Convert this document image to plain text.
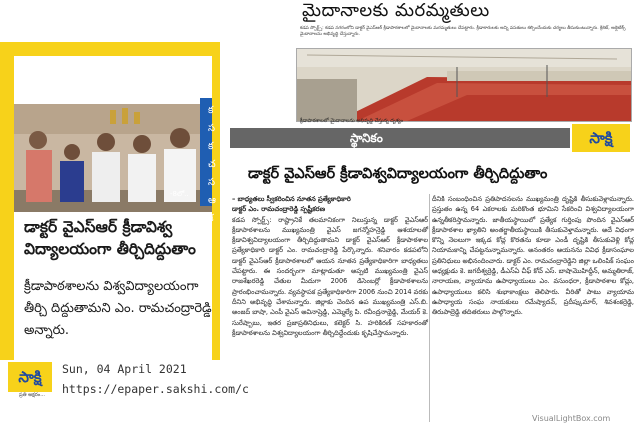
మైదానాలకు మరమ్మతులు
కడప స్పోర్ట్స్: కడప నగరంలోని డాక్టర్ వైఎస్ఆర్ క్రీడాపాఠశాలలో మైదానాలకు మరమ్మతులు చేపట్టారు. క్రీడాకారులకు అన్ని వసతులు కల్పించేందుకు చర్యలు తీసుకుంటున్నారు. క్రికెట్, అథ్లెటిక్స్ మైదానాలను అభివృద్ధి చేస్తున్నారు.
క్రీడాపాఠశాలలో మైదానాలను అభివృద్ధి చేస్తున్న దృశ్యం
-8లో..
డాక్టర్ వైఎస్ఆర్ క్రీడావిశ్వ విద్యాలయంగా తీర్చిదిద్దుతాం
క్రీడాపాఠశాలను విశ్వవిద్యాలయంగా తీర్చి దిద్దుతామని ఎం. రామచంద్రారెడ్డి అన్నారు.
క
స
క
చ
స
ఆ
శ
సాక్షి
ప్రతి అక్షరం...
Sun, 04 April 2021
https://epaper.sakshi.com/c
స్థానికం	సాక్షి
డాక్టర్ వైఎస్ఆర్ క్రీడావిశ్వవిద్యాలయంగా తీర్చిదిద్దుతాం

– బాధ్యతలు స్వీకరించిన నూతన ప్రత్యేకాధికారి

డాక్టర్ ఎం. రామచంద్రారెడ్డి స్పష్టీకరణ

కడప స్పోర్ట్స్: రాష్ట్రానికే తలమానికంగా నిలుస్తున్న డాక్టర్ వైఎస్ఆర్ క్రీడాపాఠశాలను ముఖ్యమంత్రి వైఎస్ జగన్మోహన్రెడ్డి ఆశయాలతో క్రీడావిశ్వవిద్యాలయంగా తీర్చిదిద్దుతామని డాక్టర్ వైఎస్ఆర్ క్రీడాపాఠశాల ప్రత్యేకాధికారి డాక్టర్ ఎం. రామచంద్రారెడ్డి పేర్కొన్నారు. శనివారం కడపలోని డాక్టర్ వైఎస్ఆర్ క్రీడాపాఠశాలలో ఆయన నూతన ప్రత్యేకాధికారిగా బాధ్యతలు చేపట్టారు. ఈ సందర్భంగా మాట్లాడుతూ అప్పటి ముఖ్యమంత్రి వైఎస్ రాజశేఖరరెడ్డి చేతుల మీదుగా 2006 డిసెంబర్లో క్రీడాపాఠశాలను ప్రారంభించామన్నారు. వ్యవస్థాపక ప్రత్యేకాధికారిగా 2006 నుంచి 2014 వరకు దీనిని అభివృద్ధి చేశామన్నారు. జిల్లాకు చెందిన ఉప ముఖ్యమంత్రి ఎస్.బి. అంజద్ బాషా, ఎంపీ వైఎస్ అవినాష్రెడ్డి, ఎమ్మెల్యే పి. రవీంద్రనాథ్రెడ్డి, మేయర్ కె. సురేష్బాబు, ఇతర ప్రజాప్రతినిధులు, కలెక్టర్ సి. హరికిరణ్ సహకారంతో క్రీడాపాఠశాలను విశ్వవిద్యాలయంగా తీర్చిదిద్దేందుకు కృషిచేస్తామన్నారు.

దీనికి సంబంధించిన ప్రతిపాదనలను ముఖ్యమంత్రి దృష్టికి తీసుకువెళ్లామన్నారు. ప్రస్తుతం ఉన్న 64 ఎకరాలకు మరికొంత భూమిని సేకరించి విశ్వవిద్యాలయంగా ఉన్నతీకరిస్తామన్నారు. జాతీయస్థాయిలో ప్రత్యేక గుర్తింపు పొందిన వైఎస్ఆర్ క్రీడాపాఠశాల ఖ్యాతిని అంతర్జాతీయస్థాయికి తీసుకువెళ్తామన్నారు. అదే విధంగా కొన్ని నెలలుగా ఇక్కడ కోచ్ల కొరతను కూడా ఎండీ దృష్టికి తీసుకువెళ్లి కోచ్ల నియామకాన్ని చేపట్టనున్నామన్నారు. అనంతరం ఆయనను వివిధ క్రీడాసంఘాల ప్రతినిధులు అభినందించారు. డాక్టర్ ఎం. రామచంద్రారెడ్డిని జిల్లా ఒలింపిక్ సంఘం అధ్యక్షుడు కె. జగదీశ్వర్రెడ్డి, డీఎస్ఏ చీఫ్ కోచ్ ఎస్. బాషామొహిద్దీన్, అమ్మతిరాజ్, నారాయణ, వ్యాయామ ఉపాధ్యాయులు ఎం. వసుంధరా, క్రీడాపాఠశాల కోచ్లు, ఉపాధ్యాయులు కలిసి శుభాకాంక్షలు తెలిపారు. వీరితో పాటు వ్యాయామ ఉపాధ్యాయ సంఘ నాయకులు రమేష్యాదవ్, ప్రదీప్కుమార్, శివశంకర్రెడ్డి, తిరుపాల్రెడ్డి తదితరులు పాల్గొన్నారు.

VisualLightBox.com
